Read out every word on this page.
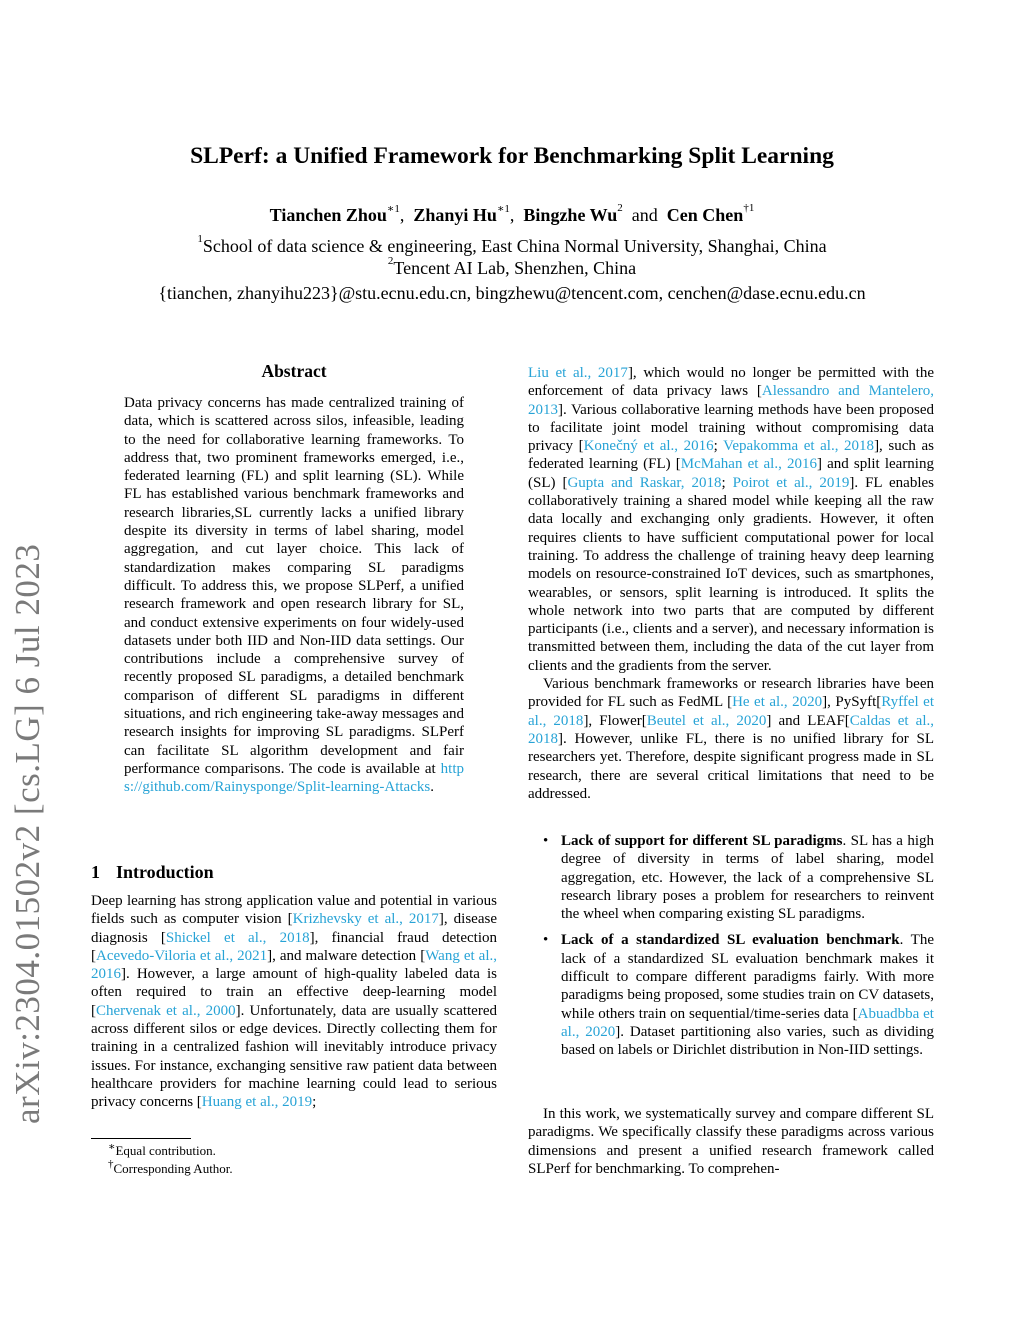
arXiv:2304.01502v2 [cs.LG] 6 Jul 2023
SLPerf: a Unified Framework for Benchmarking Split Learning
Tianchen Zhou$^{∗1}$, Zhanyi $Hu^{∗1}$, Bingzhe Wu$^2$ and Cen Chen$^{\dagger 1}$
$^1$School of data science & engineering, East China Normal University, Shanghai, China
$^2$Tencent AI Lab, Shenzhen, China
{tianchen, zhanyihu223}@stu.ecnu.edu.cn, bingzhewu@tencent.com, cenchen@dase.ecnu.edu.cn
Abstract
Data privacy concerns has made centralized training of data, which is scattered across silos, infeasible, leading to the need for collaborative learning frameworks. To address that, two prominent frameworks emerged, i.e., federated learning (FL) and split learning (SL). While FL has established various benchmark frameworks and research libraries,SL currently lacks a unified library despite its diversity in terms of label sharing, model aggregation, and cut layer choice. This lack of standardization makes comparing SL paradigms difficult. To address this, we propose SLPerf, a unified research framework and open research library for SL, and conduct extensive experiments on four widely-used datasets under both IID and Non-IID data settings. Our contributions include a comprehensive survey of recently proposed SL paradigms, a detailed benchmark comparison of different SL paradigms in different situations, and rich engineering take-away messages and research insights for improving SL paradigms. SLPerf can facilitate SL algorithm development and fair performance comparisons. The code is available at https://github.com/Rainysponge/Split-learning-Attacks.
1 Introduction
Deep learning has strong application value and potential in various fields such as computer vision [Krizhevsky et al., 2017], disease diagnosis [Shickel et al., 2018], financial fraud detection [Acevedo-Viloria et al., 2021], and malware detection [Wang et al., 2016]. However, a large amount of high-quality labeled data is often required to train an effective deep-learning model [Chervenak et al., 2000]. Unfortunately, data are usually scattered across different silos or edge devices. Directly collecting them for training in a centralized fashion will inevitably introduce privacy issues. For instance, exchanging sensitive raw patient data between healthcare providers for machine learning could lead to serious privacy concerns [Huang et al., 2019;
∗Equal contribution.
†Corresponding Author.

Liu et al., 2017], which would no longer be permitted with the enforcement of data privacy laws [Alessandro and Mantelero, 2013]. Various collaborative learning methods have been proposed to facilitate joint model training without compromising data privacy [Konečný et al., 2016; Vepakomma et al., 2018], such as federated learning (FL) [McMahan et al., 2016] and split learning (SL) [Gupta and Raskar, 2018; Poirot et al., 2019]. FL enables collaboratively training a shared model while keeping all the raw data locally and exchanging only gradients. However, it often requires clients to have sufficient computational power for local training. To address the challenge of training heavy deep learning models on resource-constrained IoT devices, such as smartphones, wearables, or sensors, split learning is introduced. It splits the whole network into two parts that are computed by different participants (i.e., clients and a server), and necessary information is transmitted between them, including the data of the cut layer from clients and the gradients from the server.

Various benchmark frameworks or research libraries have been provided for FL such as FedML [He et al., 2020], PySyft[Ryffel et al., 2018], Flower[Beutel et al., 2020] and LEAF[Caldas et al., 2018]. However, unlike FL, there is no unified library for SL researchers yet. Therefore, despite significant progress made in SL research, there are several critical limitations that need to be addressed.

• Lack of support for different SL paradigms. SL has a high degree of diversity in terms of label sharing, model aggregation, etc. However, the lack of a comprehensive SL research library poses a problem for researchers to reinvent the wheel when comparing existing SL paradigms.
• Lack of a standardized SL evaluation benchmark. The lack of a standardized SL evaluation benchmark makes it difficult to compare different paradigms fairly. With more paradigms being proposed, some studies train on CV datasets, while others train on sequential/time-series data [Abuadbba et al., 2020]. Dataset partitioning also varies, such as dividing based on labels or Dirichlet distribution in Non-IID settings.

In this work, we systematically survey and compare different SL paradigms. We specifically classify these paradigms across various dimensions and present a unified research framework called SLPerf for benchmarking. To comprehen-
